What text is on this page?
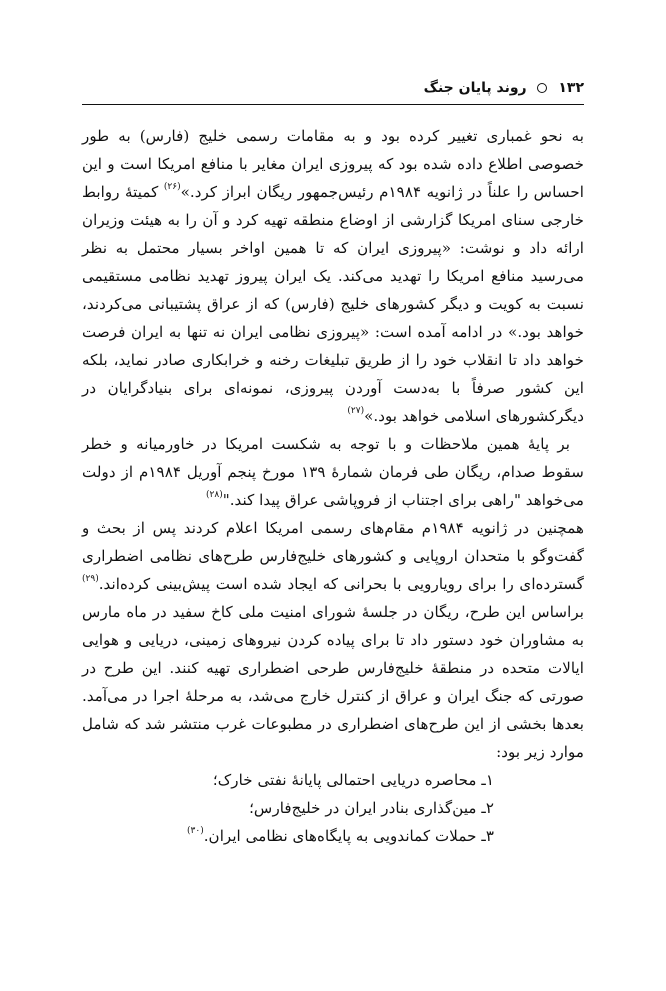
۱۳۲  روند پایان جنگ

به نحو غمباری تغییر کرده بود و به مقامات رسمی خلیج (فارس) به طور خصوصی اطلاع داده شده بود که پیروزی ایران مغایر با منافع امریکا است و این احساس را علناً در ژانویه ۱۹۸۴م رئیس‌جمهور ریگان ابراز کرد.»$^{(۲۶)}$ کمیتهٔ روابط خارجی سنای امریکا گزارشی از اوضاع منطقه تهیه کرد و آن را به هیئت وزیران ارائه داد و نوشت: «پیروزی ایران که تا همین اواخر بسیار محتمل به نظر می‌رسید منافع امریکا را تهدید می‌کند. یک ایران پیروز تهدید نظامی مستقیمی نسبت به کویت و دیگر کشورهای خلیج (فارس) که از عراق پشتیبانی می‌کردند، خواهد بود.» در ادامه آمده است: «پیروزی نظامی ایران نه تنها به ایران فرصت خواهد داد تا انقلاب خود را از طریق تبلیغات رخنه و خرابکاری صادر نماید، بلکه این کشور صرفاً با به‌دست آوردن پیروزی، نمونه‌ای برای بنیادگرایان در دیگرکشورهای اسلامی خواهد بود.»$^{(۲۷)}$

بر پایهٔ همین ملاحظات و با توجه به شکست امریکا در خاورمیانه و خطر سقوط صدام، ریگان طی فرمان شمارهٔ ۱۳۹ مورخ پنجم آوریل ۱۹۸۴م از دولت می‌خواهد "راهی برای اجتناب از فروپاشی عراق پیدا کند."$^{(۲۸)}$

همچنین در ژانویه ۱۹۸۴م مقام‌های رسمی امریکا اعلام کردند پس از بحث و گفت‌وگو با متحدان اروپایی و کشورهای خلیج‌فارس طرح‌های نظامی اضطراری گسترده‌ای را برای رویارویی با بحرانی که ایجاد شده است پیش‌بینی کرده‌اند.$^{(۲۹)}$ براساس این طرح، ریگان در جلسهٔ شورای امنیت ملی کاخ سفید در ماه مارس به مشاوران خود دستور داد تا برای پیاده کردن نیروهای زمینی، دریایی و هوایی ایالات متحده در منطقهٔ خلیج‌فارس طرحی اضطراری تهیه کنند. این طرح در صورتی که جنگ ایران و عراق از کنترل خارج می‌شد، به مرحلهٔ اجرا در می‌آمد. بعدها بخشی از این طرح‌های اضطراری در مطبوعات غرب منتشر شد که شامل موارد زیر بود:

۱ـ محاصره دریایی احتمالی پایانهٔ نفتی خارک؛
۲ـ مین‌گذاری بنادر ایران در خلیج‌فارس؛
۳ـ حملات کماندویی به پایگاه‌های نظامی ایران.$^{(۳۰)}$
